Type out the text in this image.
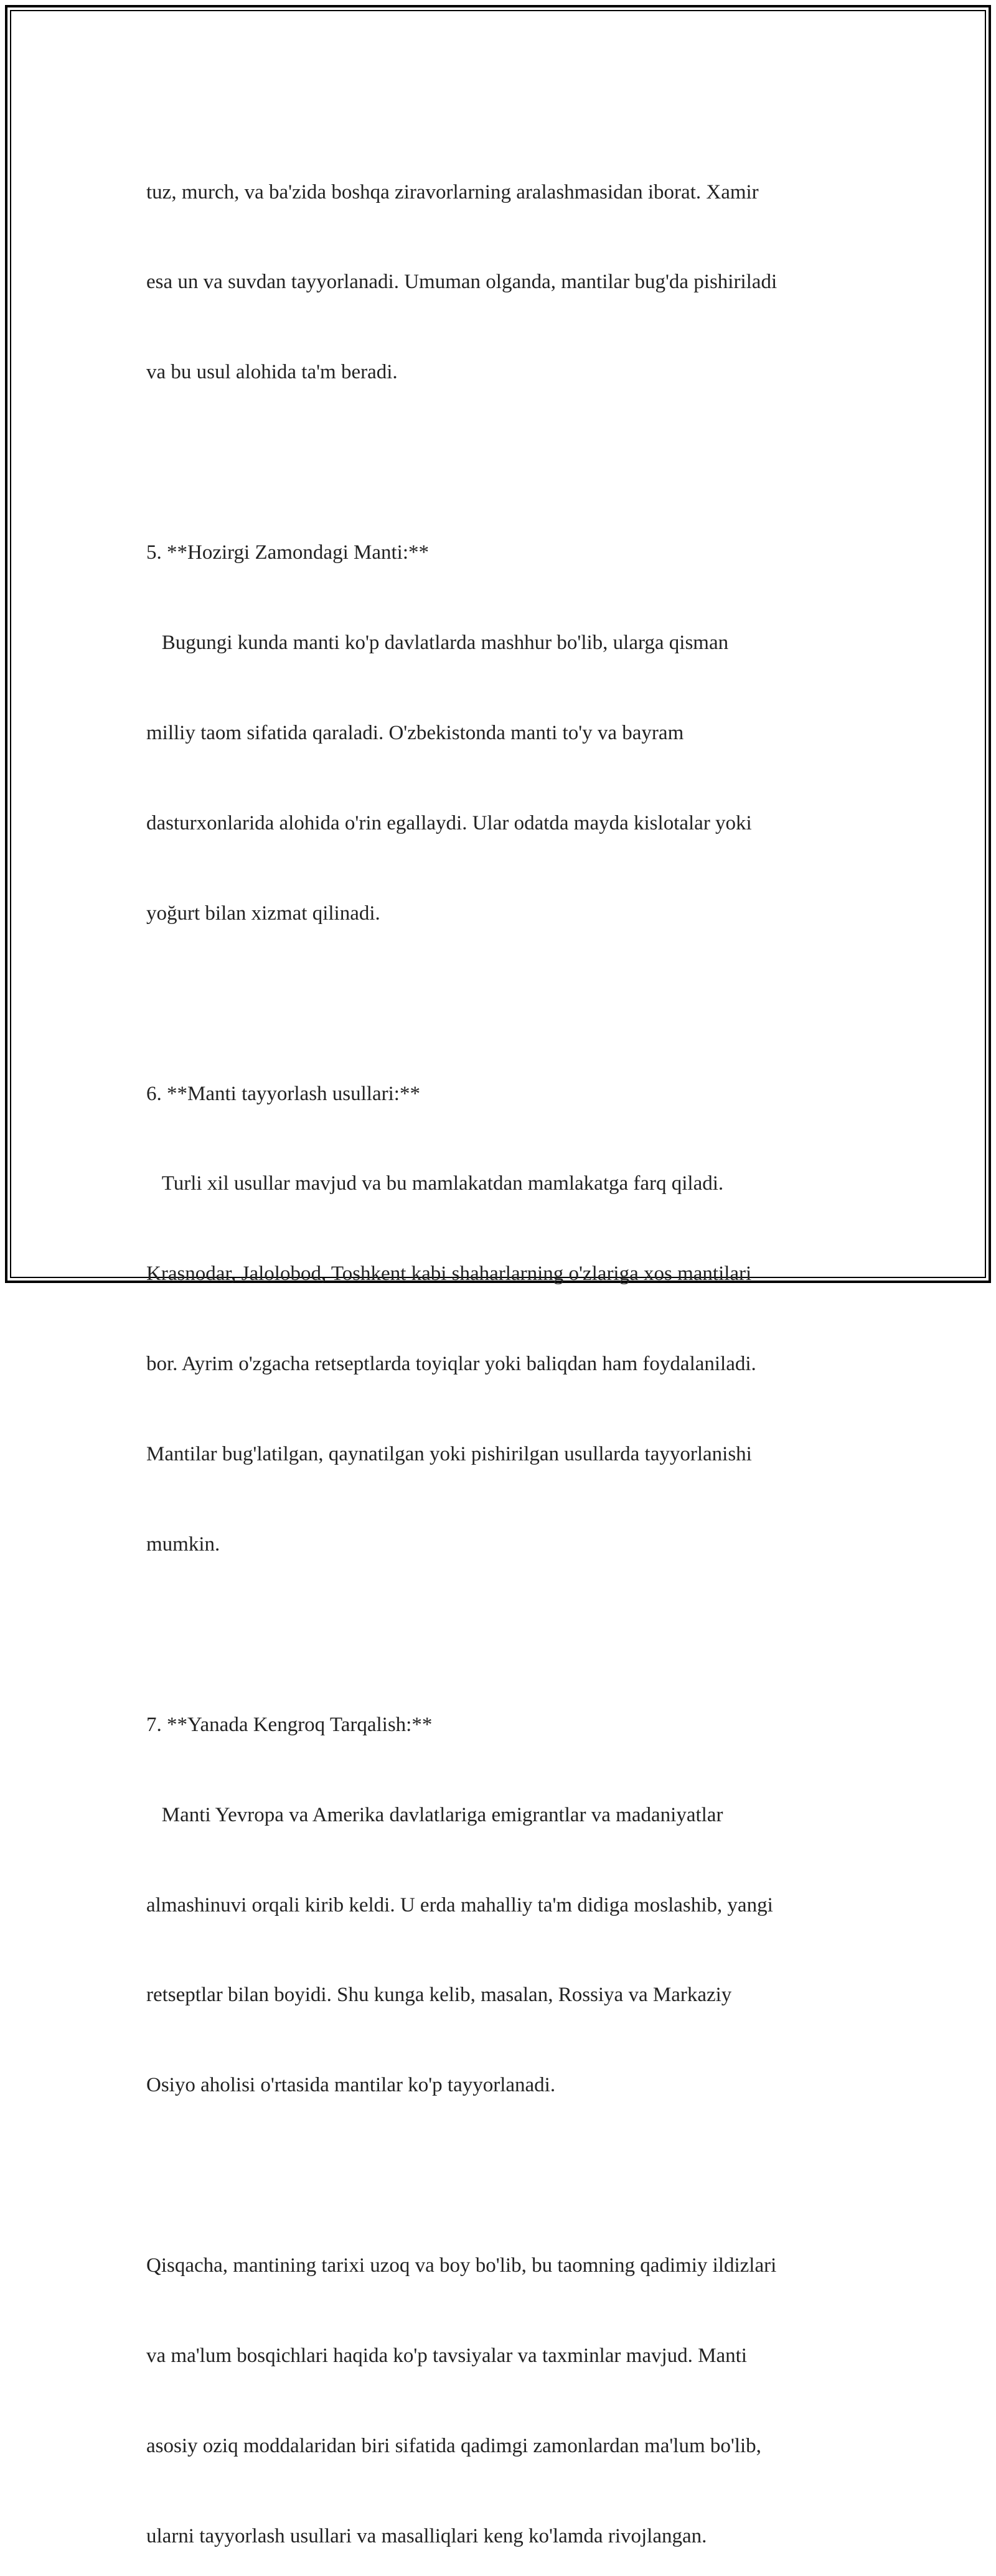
tuz, murch, va ba'zida boshqa ziravorlarning aralashmasidan iborat. Xamir

esa un va suvdan tayyorlanadi. Umuman olganda, mantilar bug'da pishiriladi

va bu usul alohida ta'm beradi.

5. **Hozirgi Zamondagi Manti:**

Bugungi kunda manti ko'p davlatlarda mashhur bo'lib, ularga qisman

milliy taom sifatida qaraladi. O'zbekistonda manti to'y va bayram

dasturxonlarida alohida o'rin egallaydi. Ular odatda mayda kislotalar yoki

yoğurt bilan xizmat qilinadi.

6. **Manti tayyorlash usullari:**

Turli xil usullar mavjud va bu mamlakatdan mamlakatga farq qiladi.

Krasnodar, Jalolobod, Toshkent kabi shaharlarning o'zlariga xos mantilari

bor. Ayrim o'zgacha retseptlarda toyiqlar yoki baliqdan ham foydalaniladi.

Mantilar bug'latilgan, qaynatilgan yoki pishirilgan usullarda tayyorlanishi

mumkin.

7. **Yanada Kengroq Tarqalish:**

Manti Yevropa va Amerika davlatlariga emigrantlar va madaniyatlar

almashinuvi orqali kirib keldi. U erda mahalliy ta'm didiga moslashib, yangi

retseptlar bilan boyidi. Shu kunga kelib, masalan, Rossiya va Markaziy

Osiyo aholisi o'rtasida mantilar ko'p tayyorlanadi.

Qisqacha, mantining tarixi uzoq va boy bo'lib, bu taomning qadimiy ildizlari

va ma'lum bosqichlari haqida ko'p tavsiyalar va taxminlar mavjud. Manti

asosiy oziq moddalaridan biri sifatida qadimgi zamonlardan ma'lum bo'lib,

ularni tayyorlash usullari va masalliqlari keng ko'lamda rivojlangan.
